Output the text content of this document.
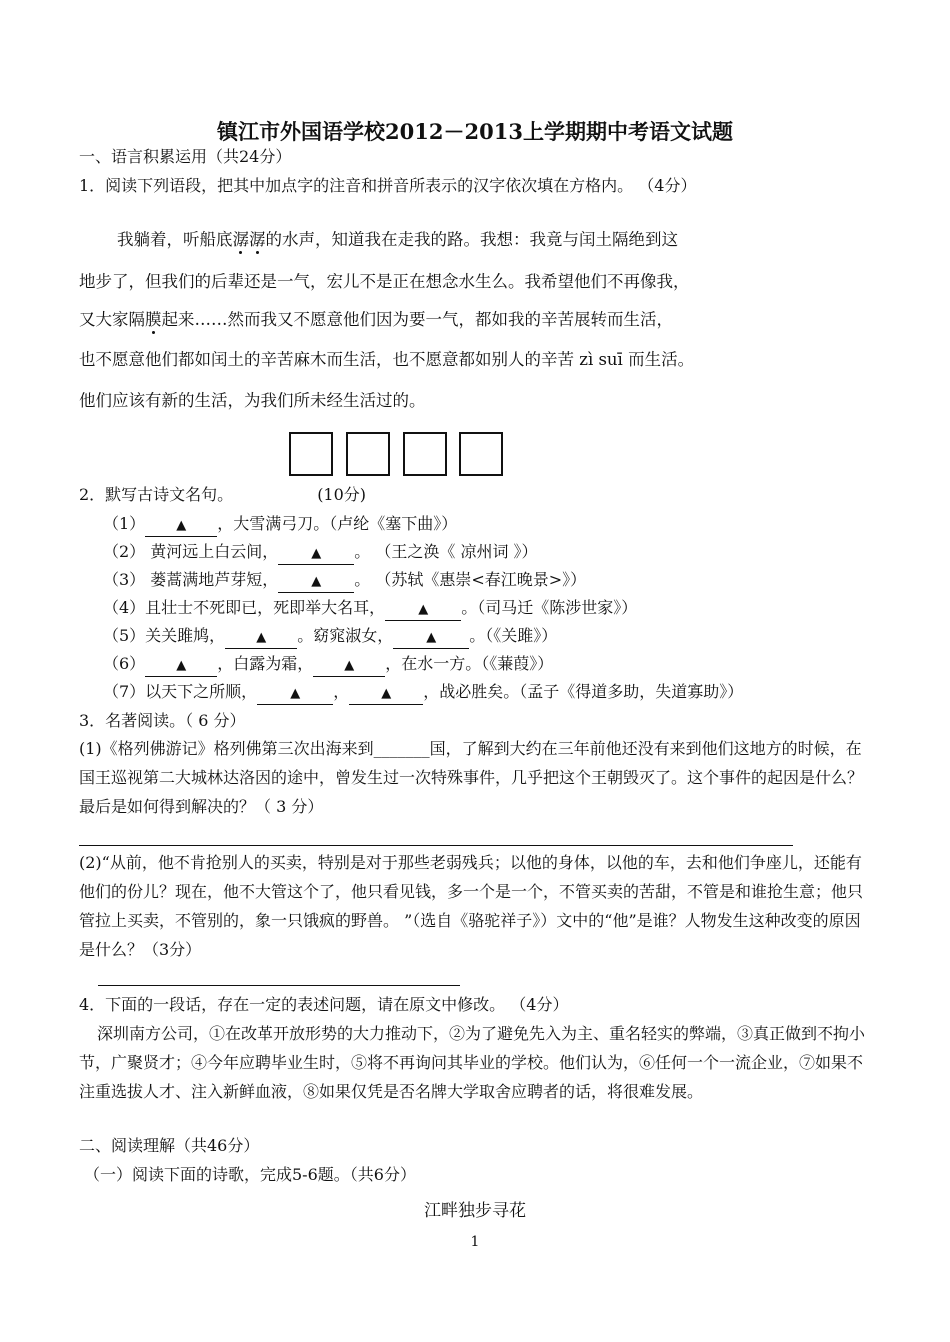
镇江市外国语学校2012－2013上学期期中考语文试题
一、语言积累运用（共24分）
1．阅读下列语段，把其中加点字的注音和拼音所表示的汉字依次填在方格内。 （4分）
我躺着，听船底潺潺的水声，知道我在走我的路。我想：我竟与闰土隔绝到这
地步了，但我们的后辈还是一气，宏儿不是正在想念水生么。我希望他们不再像我，
又大家隔膜起来……然而我又不愿意他们因为要一气，都如我的辛苦展转而生活，
也不愿意他们都如闰土的辛苦麻木而生活，也不愿意都如别人的辛苦 zì suī 而生活。
他们应该有新的生活，为我们所未经生活过的。
2．默写古诗文名句。	(10分)
（1） ▲ ，大雪满弓刀。（卢纶《塞下曲》）
（2） 黄河远上白云间，	▲ 。 （王之涣《 凉州词 》）
（3） 蒌蒿满地芦芽短，	▲ 。 （苏轼《惠崇<春江晚景>》）
（4）且壮士不死即已，死即举大名耳，	▲ 。（司马迁《陈涉世家》）
（5）关关雎鸠， ▲ 。窈窕淑女，	▲ 。（《关雎》）
（6） ▲ ，白露为霜， ▲ ，在水一方。（《蒹葭》）
（7）以天下之所顺，	▲ ， ▲ ，战必胜矣。（孟子《得道多助，失道寡助》）
3．名著阅读。（ 6 分）
(1)《格列佛游记》格列佛第三次出海来到_______国，了解到大约在三年前他还没有来到他们这地方的时候，在国王巡视第二大城林达洛因的途中，曾发生过一次特殊事件，几乎把这个王朝毁灭了。这个事件的起因是什么？最后是如何得到解决的？（ 3 分）
(2)“从前，他不肯抢别人的买卖，特别是对于那些老弱残兵；以他的身体，以他的车，去和他们争座儿，还能有他们的份儿？现在，他不大管这个了，他只看见钱，多一个是一个，不管买卖的苦甜，不管是和谁抢生意；他只管拉上买卖，不管别的，象一只饿疯的野兽。 ”（选自《骆驼祥子》）文中的“他”是谁？人物发生这种改变的原因是什么？（3分）
4．下面的一段话，存在一定的表述问题，请在原文中修改。 （4分）
深圳南方公司，①在改革开放形势的大力推动下，②为了避免先入为主、重名轻实的弊端，③真正做到不拘小节，广聚贤才；④今年应聘毕业生时，⑤将不再询问其毕业的学校。他们认为，⑥任何一个一流企业，⑦如果不注重选拔人才、注入新鲜血液，⑧如果仅凭是否名牌大学取舍应聘者的话，将很难发展。
二、阅读理解（共46分）
（一）阅读下面的诗歌，完成5-6题。（共6分）
江畔独步寻花
1
